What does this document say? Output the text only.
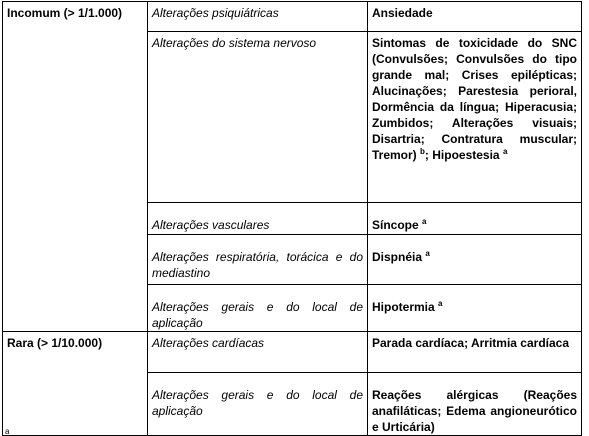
Incomum (> 1/1.000)	Alterações psiquiátricas	Ansiedade
	Alterações do sistema nervoso	Sintomas de toxicidade do SNC (Convulsões; Convulsões do tipo grande mal; Crises epilépticas; Alucinações; Parestesia perioral, Dormência da língua; Hiperacusia; Zumbidos; Alterações visuais; Disartria; Contratura muscular; Tremor) $^b$; Hipoestesia $^a$
	Alterações vasculares	Síncope $^a$
	Alterações respiratória, torácica e do mediastino	Dispnéia $^a$
	Alterações gerais e do local de aplicação	Hipotermia $^a$
Rara (> 1/10.000)	Alterações cardíacas	Parada cardíaca; Arritmia cardíaca
	Alterações gerais e do local de aplicação	Reações alérgicas (Reações anafiláticas; Edema angioneurótico e Urticária)
a
